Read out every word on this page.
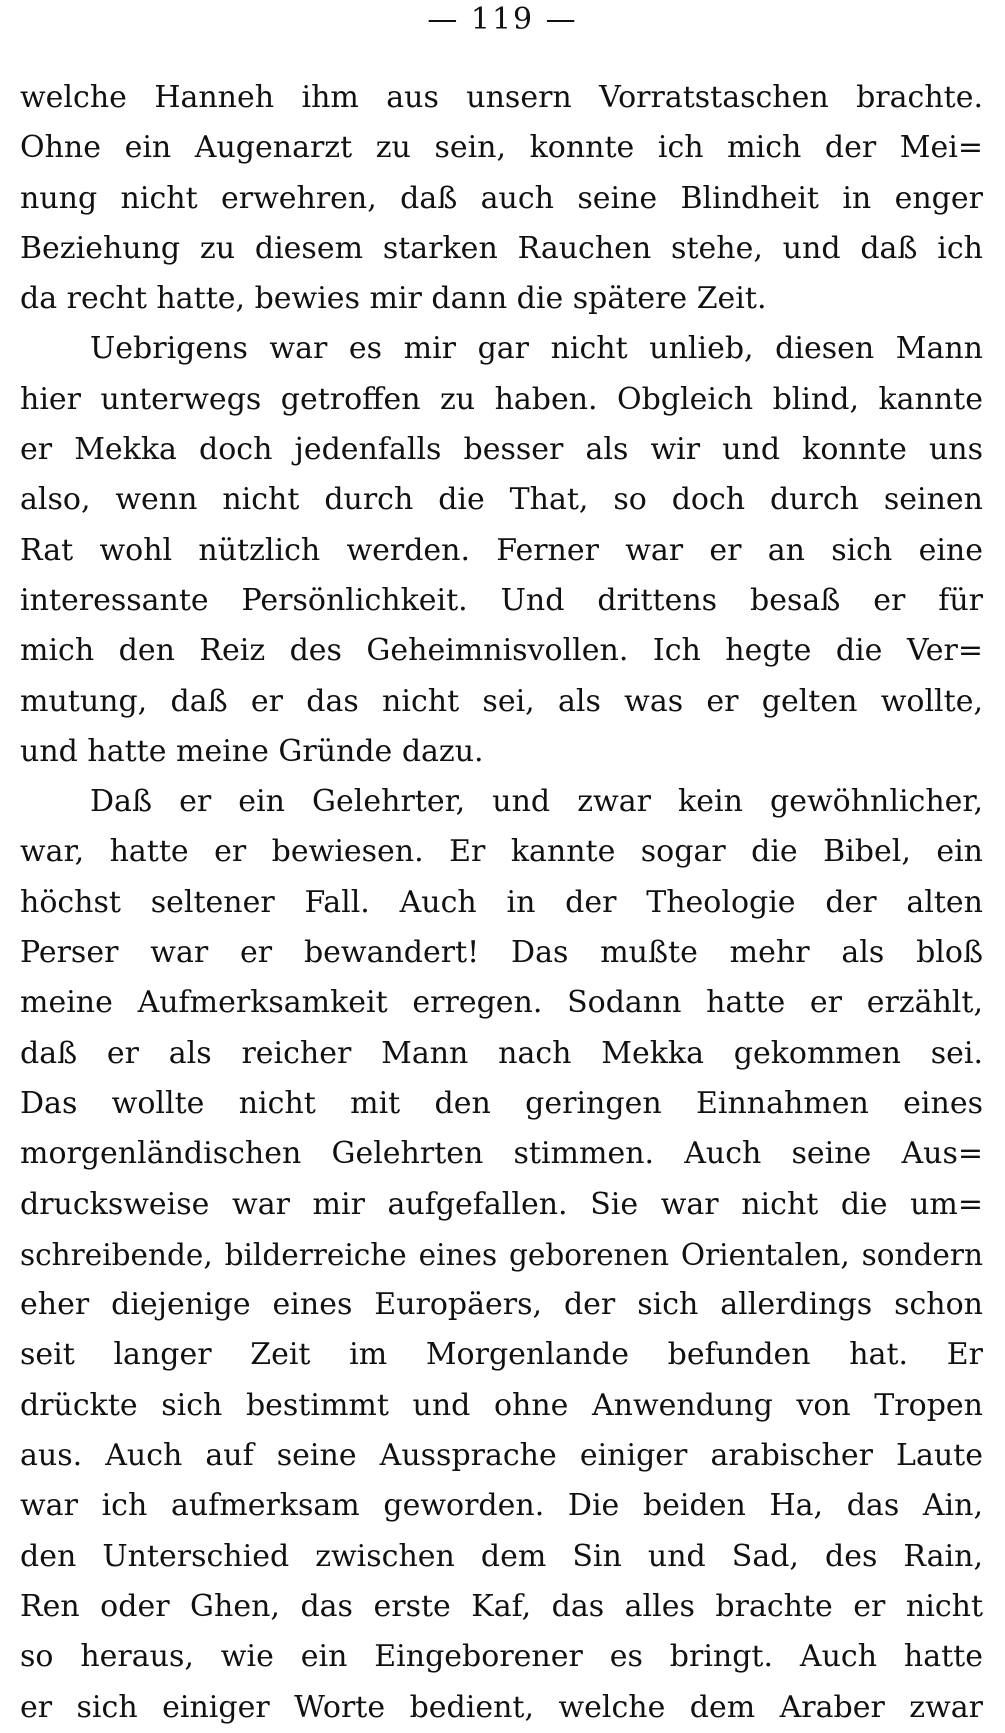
— 119 —
welche Hanneh ihm aus unsern Vorratstaschen brachte.
Ohne ein Augenarzt zu sein, konnte ich mich der Mei=
nung nicht erwehren, daß auch seine Blindheit in enger
Beziehung zu diesem starken Rauchen stehe, und daß ich
da recht hatte, bewies mir dann die spätere Zeit.
Uebrigens war es mir gar nicht unlieb, diesen Mann
hier unterwegs getroffen zu haben. Obgleich blind, kannte
er Mekka doch jedenfalls besser als wir und konnte uns
also, wenn nicht durch die That, so doch durch seinen
Rat wohl nützlich werden. Ferner war er an sich eine
interessante Persönlichkeit. Und drittens besaß er für
mich den Reiz des Geheimnisvollen. Ich hegte die Ver=
mutung, daß er das nicht sei, als was er gelten wollte,
und hatte meine Gründe dazu.
Daß er ein Gelehrter, und zwar kein gewöhnlicher,
war, hatte er bewiesen. Er kannte sogar die Bibel, ein
höchst seltener Fall. Auch in der Theologie der alten
Perser war er bewandert! Das mußte mehr als bloß
meine Aufmerksamkeit erregen. Sodann hatte er erzählt,
daß er als reicher Mann nach Mekka gekommen sei.
Das wollte nicht mit den geringen Einnahmen eines
morgenländischen Gelehrten stimmen. Auch seine Aus=
drucksweise war mir aufgefallen. Sie war nicht die um=
schreibende, bilderreiche eines geborenen Orientalen, sondern
eher diejenige eines Europäers, der sich allerdings schon
seit langer Zeit im Morgenlande befunden hat. Er
drückte sich bestimmt und ohne Anwendung von Tropen
aus. Auch auf seine Aussprache einiger arabischer Laute
war ich aufmerksam geworden. Die beiden Ha, das Ain,
den Unterschied zwischen dem Sin und Sad, des Rain,
Ren oder Ghen, das erste Kaf, das alles brachte er nicht
so heraus, wie ein Eingeborener es bringt. Auch hatte
er sich einiger Worte bedient, welche dem Araber zwar
